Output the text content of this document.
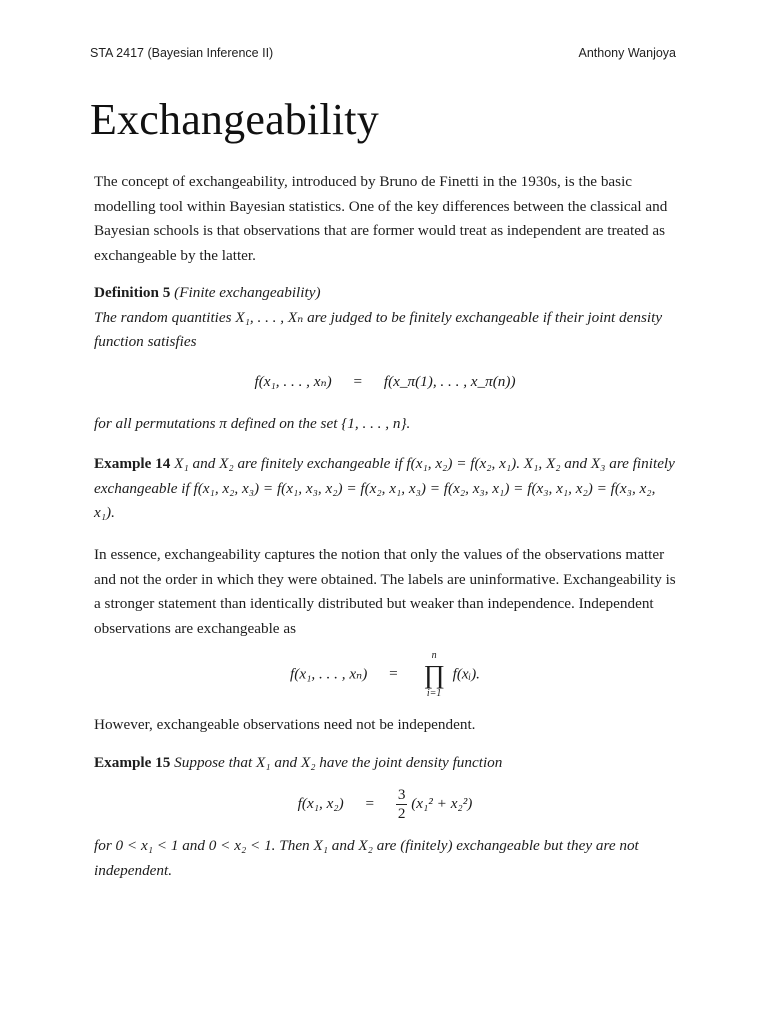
STA 2417 (Bayesian Inference II)	Anthony Wanjoya
Exchangeability

The concept of exchangeability, introduced by Bruno de Finetti in the 1930s, is the basic modelling tool within Bayesian statistics. One of the key differences between the classical and Bayesian schools is that observations that are former would treat as independent are treated as exchangeable by the latter.

Definition 5 (Finite exchangeability)
The random quantities X₁, . . . , Xₙ are judged to be finitely exchangeable if their joint density function satisfies

f(x₁, . . . , xₙ) = f(x_π(1), . . . , x_π(n))

for all permutations π defined on the set {1, . . . , n}.

Example 14 X₁ and X₂ are finitely exchangeable if f(x₁, x₂) = f(x₂, x₁). X₁, X₂ and X₃ are finitely exchangeable if f(x₁, x₂, x₃) = f(x₁, x₃, x₂) = f(x₂, x₁, x₃) = f(x₂, x₃, x₁) = f(x₃, x₁, x₂) = f(x₃, x₂, x₁).

In essence, exchangeability captures the notion that only the values of the observations matter and not the order in which they were obtained. The labels are uninformative. Exchangeability is a stronger statement than identically distributed but weaker than independence. Independent observations are exchangeable as

f(x₁, . . . , xₙ) =
n
∏
i=1
f(xᵢ).

However, exchangeable observations need not be independent.

Example 15 Suppose that X₁ and X₂ have the joint density function

f(x₁, $x_2) = \frac{3}{2} (x_1^2 + x_2^2)$

for 0 < x₁ < 1 and 0 < x₂ < 1. Then X₁ and X₂ are (finitely) exchangeable but they are not independent.
